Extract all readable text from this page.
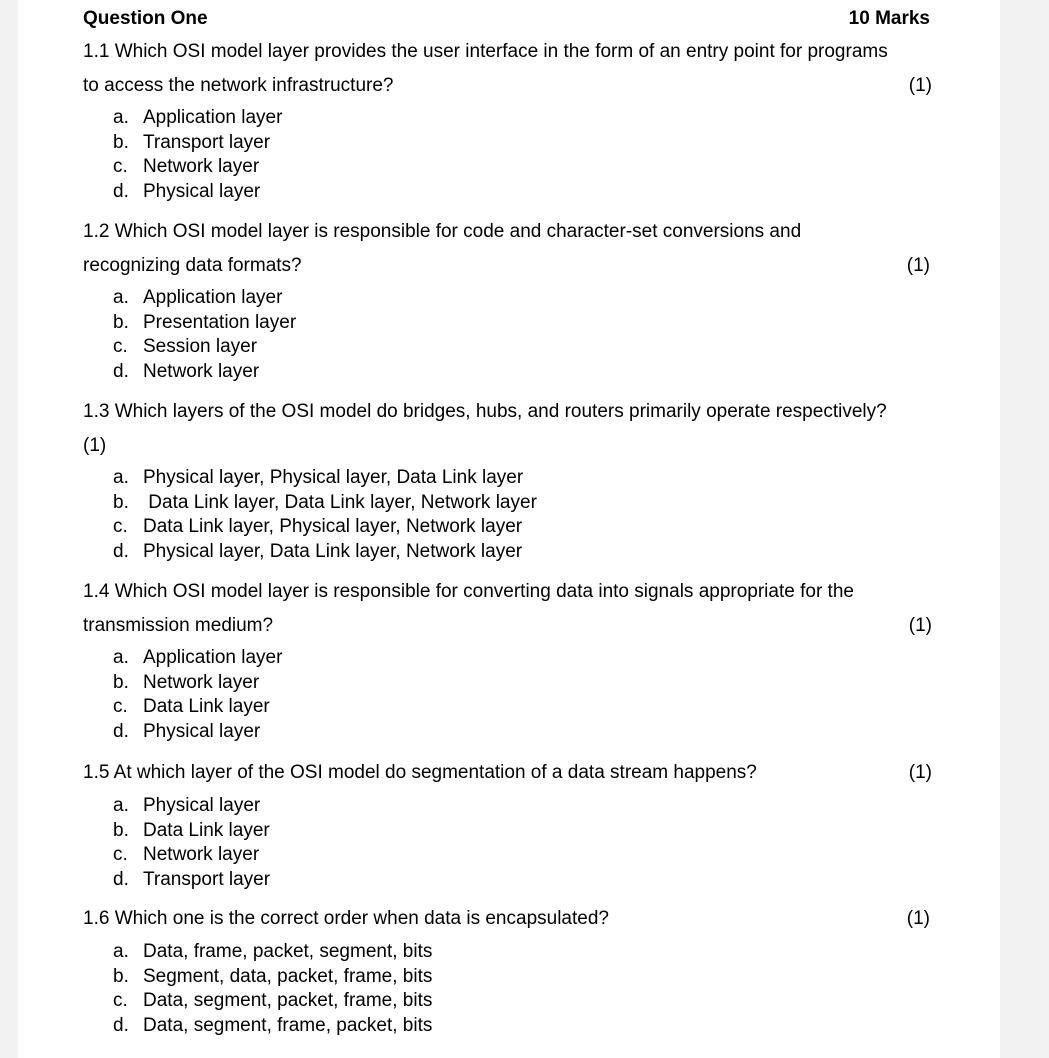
Question One	10 Marks
1.1 Which OSI model layer provides the user interface in the form of an entry point for programs
to access the network infrastructure?	(1)
a. Application layer
b. Transport layer
c. Network layer
d. Physical layer
1.2 Which OSI model layer is responsible for code and character-set conversions and
recognizing data formats?	(1)
a. Application layer
b. Presentation layer
c. Session layer
d. Network layer
1.3 Which layers of the OSI model do bridges, hubs, and routers primarily operate respectively?
(1)
a. Physical layer, Physical layer, Data Link layer
b. Data Link layer, Data Link layer, Network layer
c. Data Link layer, Physical layer, Network layer
d. Physical layer, Data Link layer, Network layer
1.4 Which OSI model layer is responsible for converting data into signals appropriate for the
transmission medium?	(1)
a. Application layer
b. Network layer
c. Data Link layer
d. Physical layer
1.5 At which layer of the OSI model do segmentation of a data stream happens?	(1)
a. Physical layer
b. Data Link layer
c. Network layer
d. Transport layer
1.6 Which one is the correct order when data is encapsulated?	(1)
a. Data, frame, packet, segment, bits
b. Segment, data, packet, frame, bits
c. Data, segment, packet, frame, bits
d. Data, segment, frame, packet, bits
